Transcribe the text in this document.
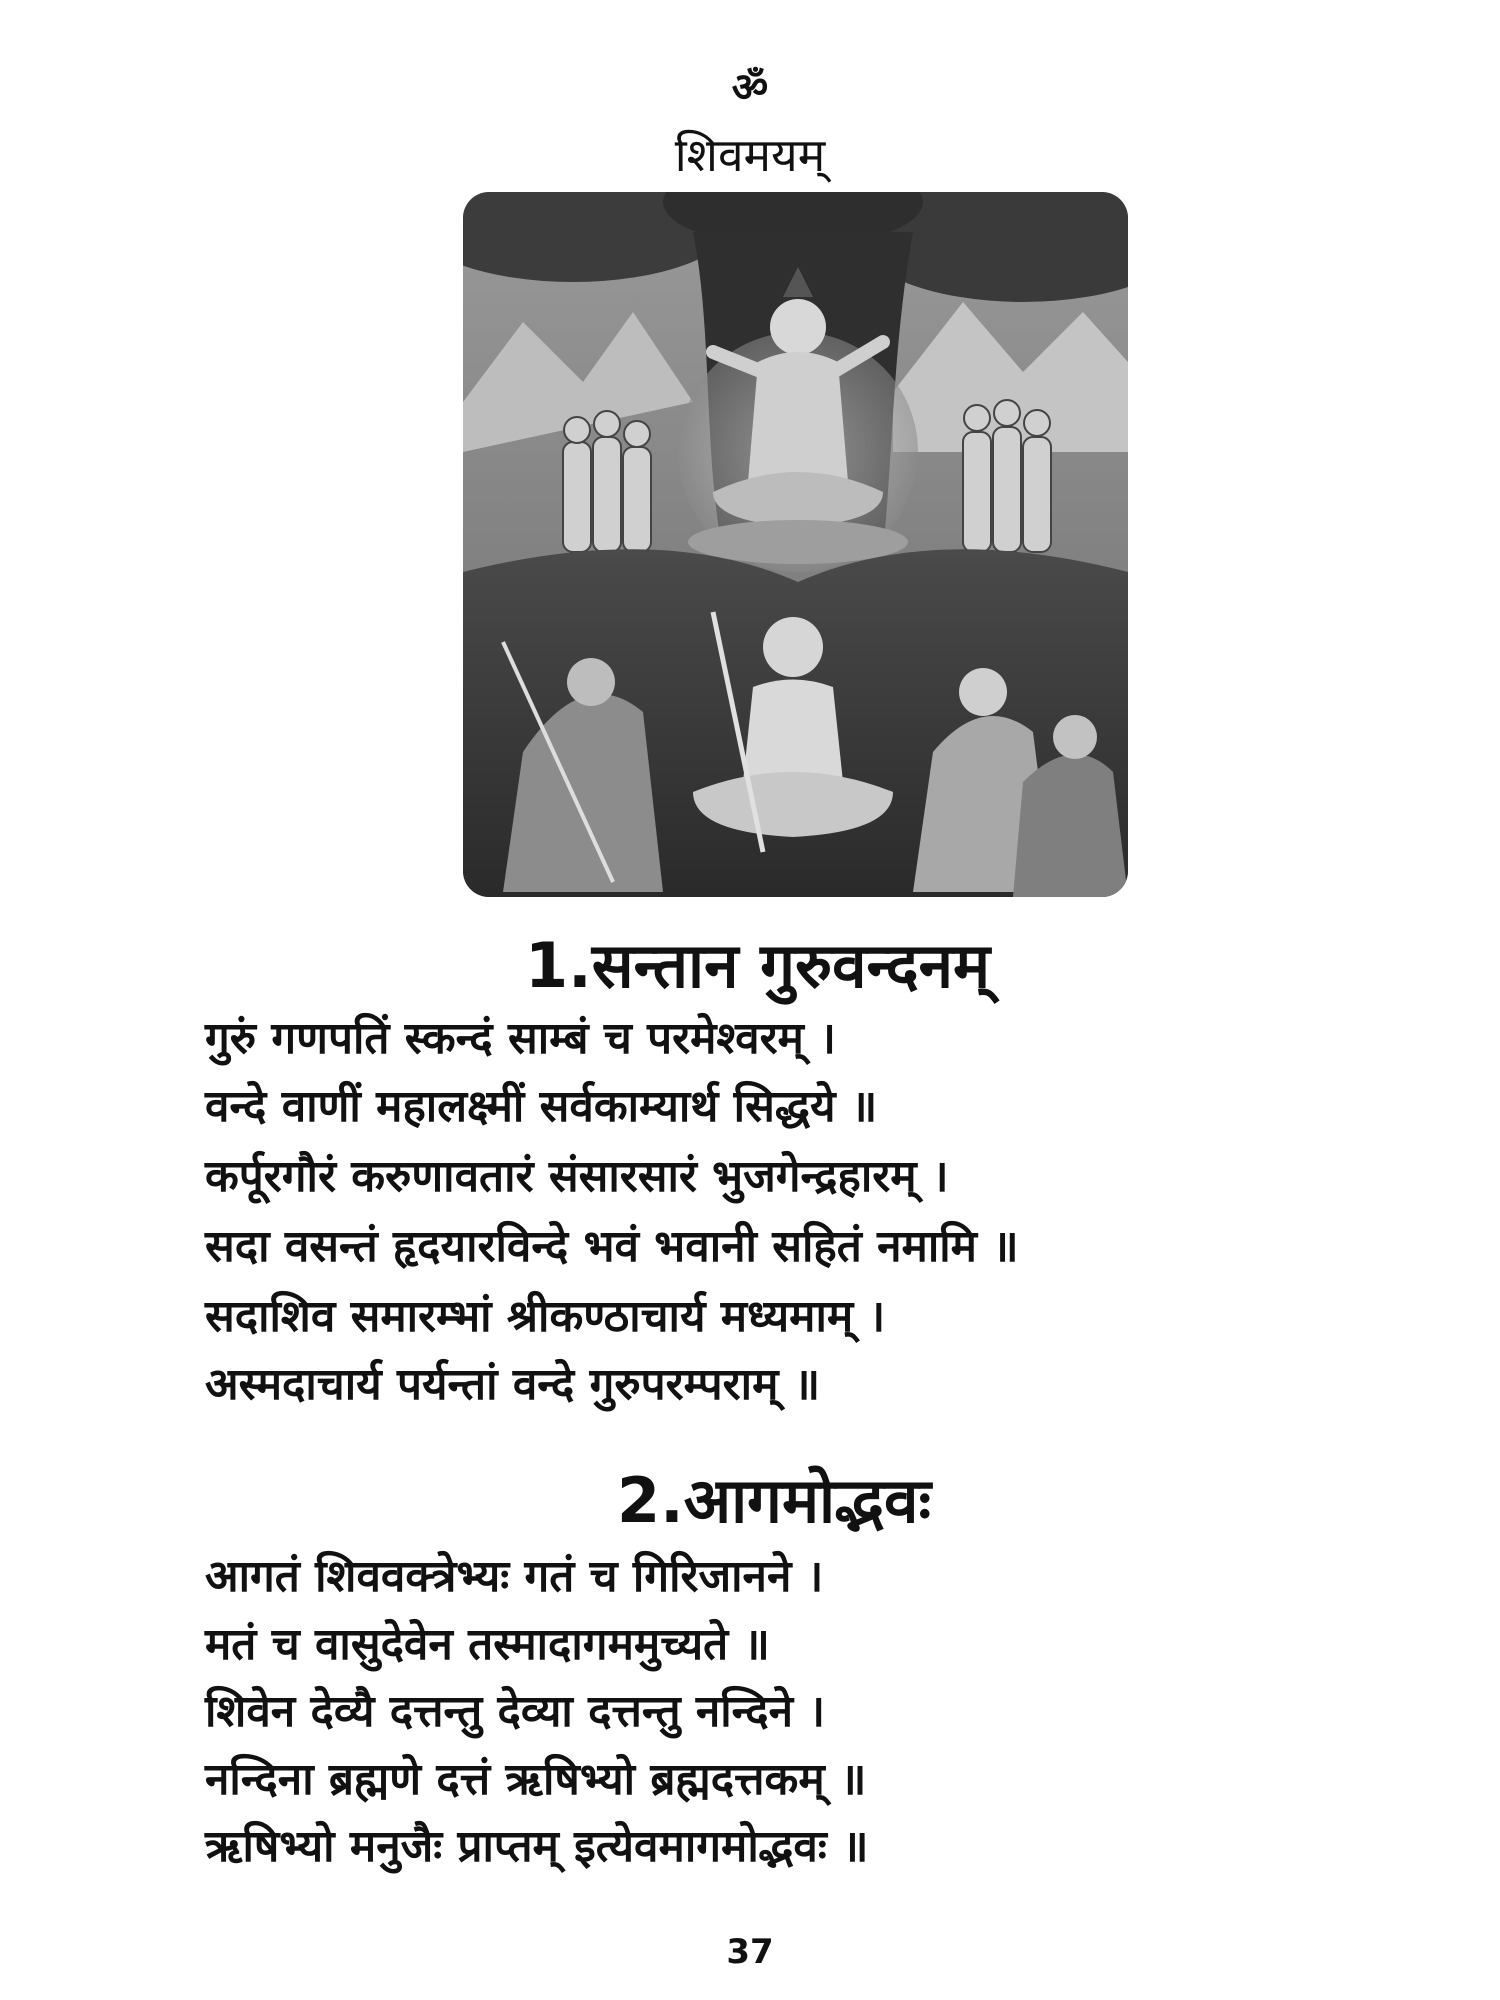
ॐ
शिवमयम्
1.सन्तान गुरुवन्दनम्
गुरुं गणपतिं स्कन्दं साम्बं च परमेश्वरम् ।
वन्दे वाणीं महालक्ष्मीं सर्वकाम्यार्थ सिद्धये ॥
कर्पूरगौरं करुणावतारं संसारसारं भुजगेन्द्रहारम् ।
सदा वसन्तं हृदयारविन्दे भवं भवानी सहितं नमामि ॥
सदाशिव समारम्भां श्रीकण्ठाचार्य मध्यमाम् ।
अस्मदाचार्य पर्यन्तां वन्दे गुरुपरम्पराम् ॥
2.आगमोद्भवः
आगतं शिववक्त्रेभ्यः गतं च गिरिजानने ।
मतं च वासुदेवेन तस्मादागममुच्यते ॥
शिवेन देव्यै दत्तन्तु देव्या दत्तन्तु नन्दिने ।
नन्दिना ब्रह्मणे दत्तं ऋषिभ्यो ब्रह्मदत्तकम् ॥
ऋषिभ्यो मनुजैः प्राप्तम् इत्येवमागमोद्भवः ॥
37
